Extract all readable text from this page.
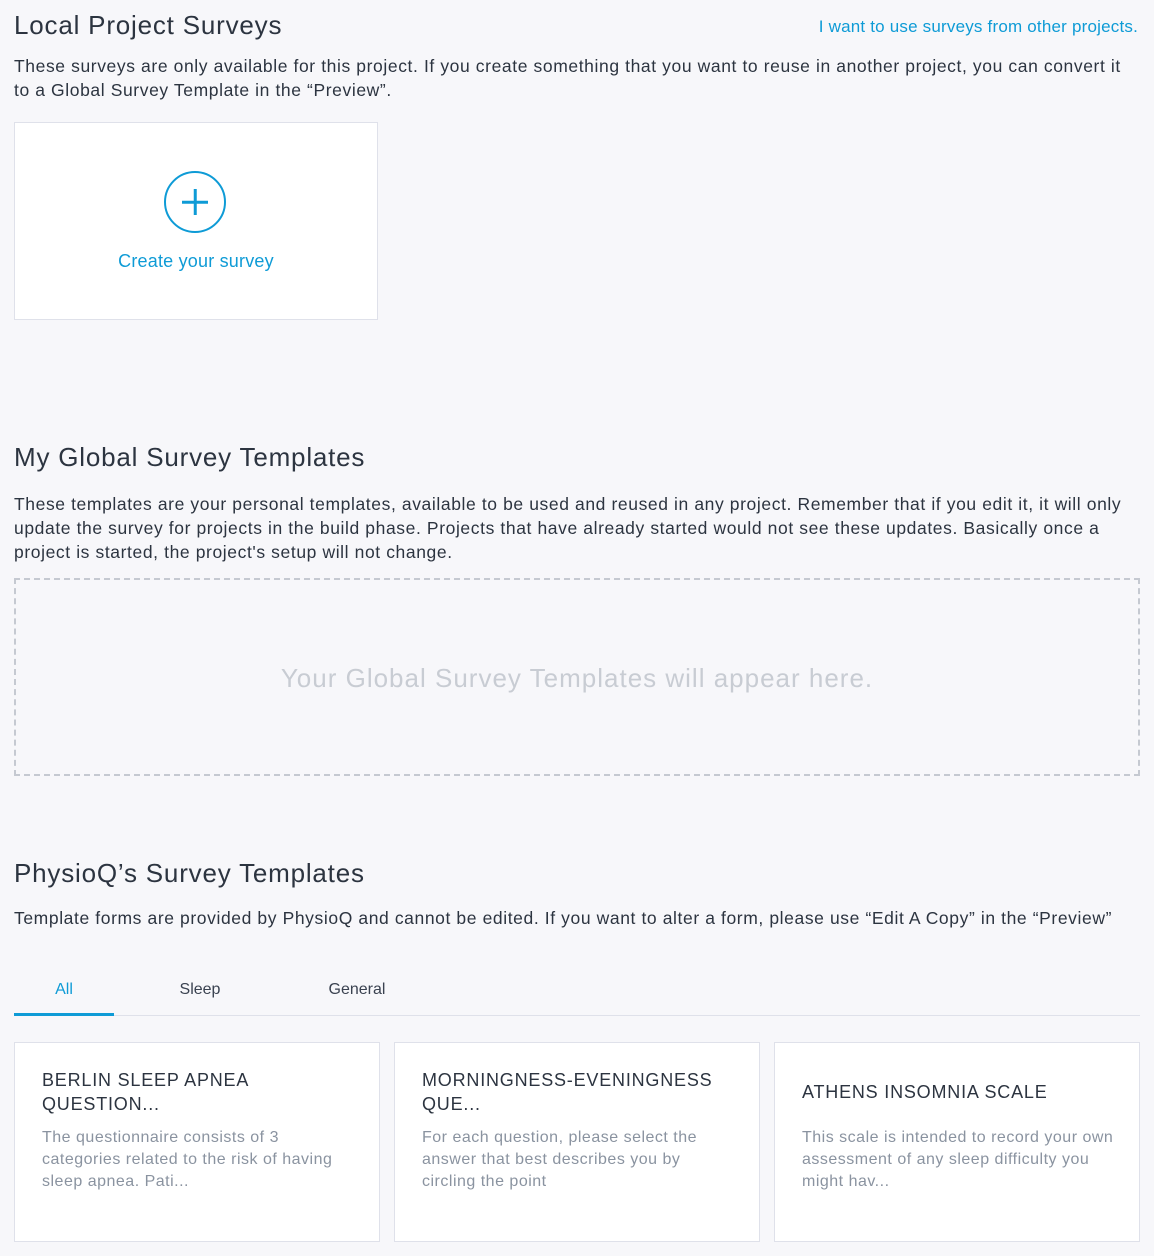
Local Project Surveys	I want to use surveys from other projects.

These surveys are only available for this project. If you create something that you want to reuse in another project, you can convert it to a Global Survey Template in the “Preview”.

Create your survey
My Global Survey Templates

These templates are your personal templates, available to be used and reused in any project. Remember that if you edit it, it will only update the survey for projects in the build phase. Projects that have already started would not see these updates. Basically once a project is started, the project's setup will not change.

Your Global Survey Templates will appear here.
PhysioQ’s Survey Templates

Template forms are provided by PhysioQ and cannot be edited. If you want to alter a form, please use “Edit A Copy” in the “Preview”

All	Sleep	General
BERLIN SLEEP APNEA QUESTION...
The questionnaire consists of 3 categories related to the risk of having sleep apnea. Pati...
MORNINGNESS-EVENINGNESS QUE...
For each question, please select the answer that best describes you by circling the point
ATHENS INSOMNIA SCALE
This scale is intended to record your own assessment of any sleep difficulty you might hav...
